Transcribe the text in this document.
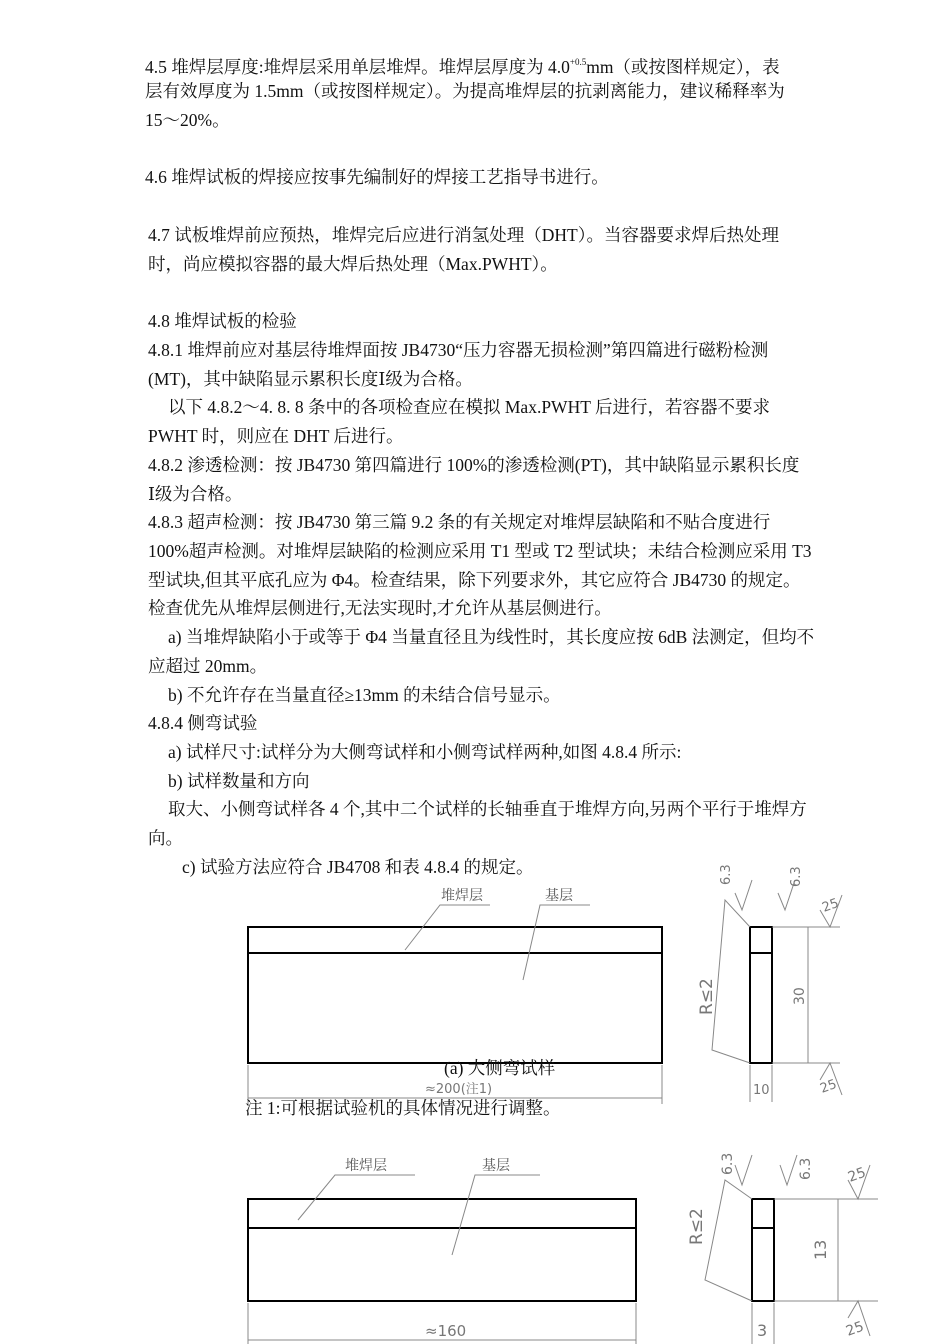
4.5 堆焊层厚度:堆焊层采用单层堆焊。堆焊层厚度为 $4.0^{+0.5}mm$（或按图样规定），表
层有效厚度为 1.5mm（或按图样规定）。为提高堆焊层的抗剥离能力，建议稀释率为
15～20%。
4.6 堆焊试板的焊接应按事先编制好的焊接工艺指导书进行。
4.7 试板堆焊前应预热，堆焊完后应进行消氢处理（DHT）。当容器要求焊后热处理
时，尚应模拟容器的最大焊后热处理（Max.PWHT）。
4.8 堆焊试板的检验
4.8.1 堆焊前应对基层待堆焊面按 JB4730“压力容器无损检测”第四篇进行磁粉检测
(MT)，其中缺陷显示累积长度Ⅰ级为合格。
以下 4.8.2～4. 8. 8 条中的各项检查应在模拟 Max.PWHT 后进行，若容器不要求
PWHT 时，则应在 DHT 后进行。
4.8.2 渗透检测：按 JB4730 第四篇进行 100%的渗透检测(PT)，其中缺陷显示累积长度
Ⅰ级为合格。
4.8.3 超声检测：按 JB4730 第三篇 9.2 条的有关规定对堆焊层缺陷和不贴合度进行
100%超声检测。对堆焊层缺陷的检测应采用 T1 型或 T2 型试块；未结合检测应采用 T3
型试块,但其平底孔应为 Φ4。检查结果，除下列要求外，其它应符合 JB4730 的规定。
检查优先从堆焊层侧进行,无法实现时,才允许从基层侧进行。
a) 当堆焊缺陷小于或等于 Φ4 当量直径且为线性时，其长度应按 6dB 法测定，但均不
应超过 20mm。
b) 不允许存在当量直径≥13mm 的未结合信号显示。
4.8.4 侧弯试验
a) 试样尺寸:试样分为大侧弯试样和小侧弯试样两种,如图 4.8.4 所示:
b) 试样数量和方向
取大、小侧弯试样各 4 个,其中二个试样的长轴垂直于堆焊方向,另两个平行于堆焊方
向。
c) 试验方法应符合 JB4708 和表 4.8.4 的规定。
堆焊层	基层
6.3	6.3
25
25
R≤2	30
10
≈200(注1)
堆焊层	基层	6.3	6.3 25
25
R≤2
13
3
≈160
(a) 大侧弯试样
注 1:可根据试验机的具体情况进行调整。
